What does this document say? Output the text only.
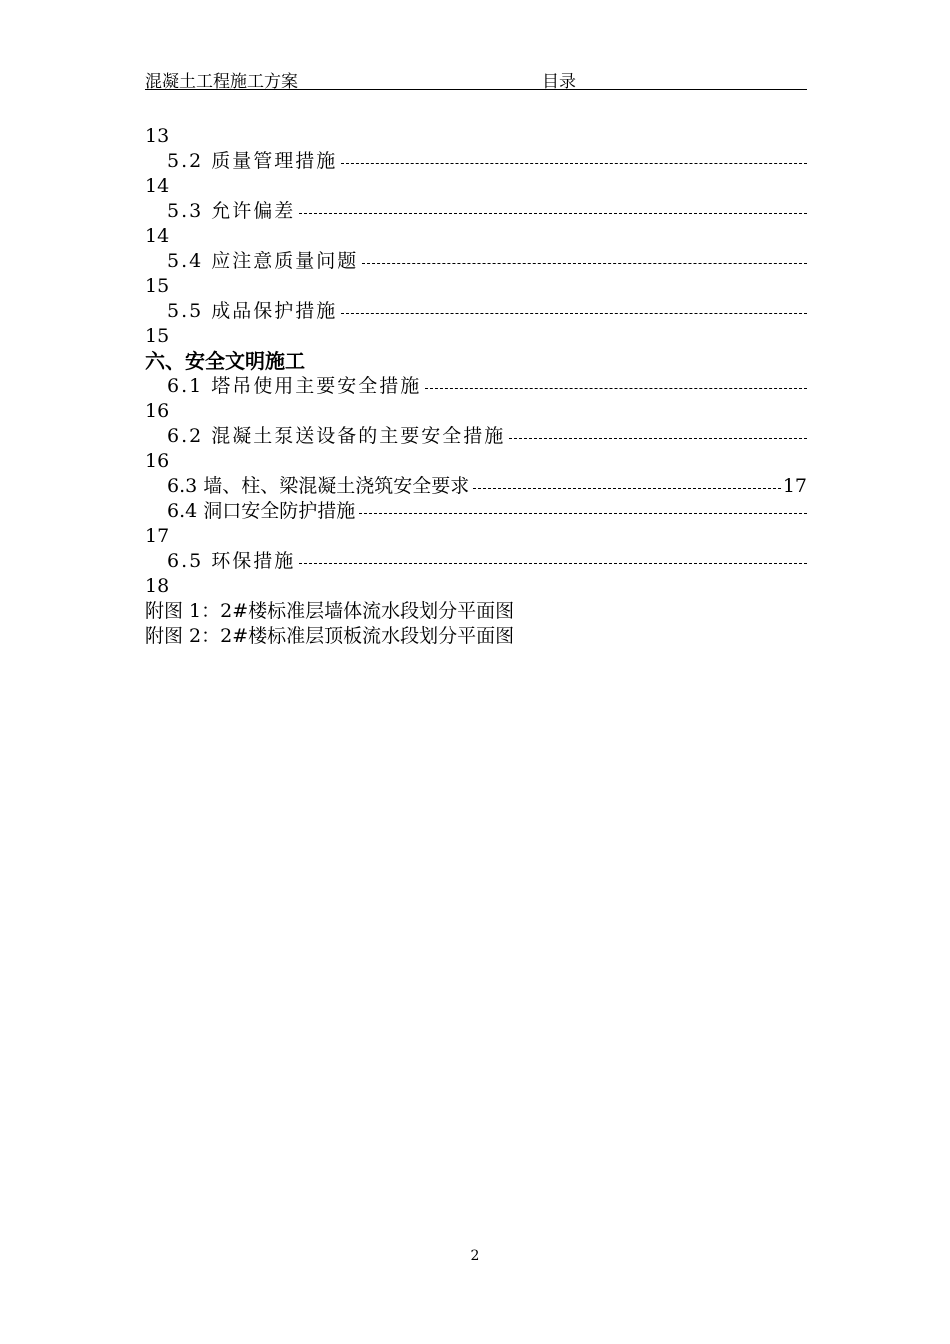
混凝土工程施工方案	目录
13
5.2 质量管理措施
14
5.3 允许偏差
14
5.4 应注意质量问题
15
5.5 成品保护措施
15
六、安全文明施工
6.1 塔吊使用主要安全措施
16
6.2 混凝土泵送设备的主要安全措施
16
6.3 墙、柱、梁混凝土浇筑安全要求	17
6.4 洞口安全防护措施
17
6.5 环保措施
18
附图 1：2#楼标准层墙体流水段划分平面图
附图 2：2#楼标准层顶板流水段划分平面图
2
